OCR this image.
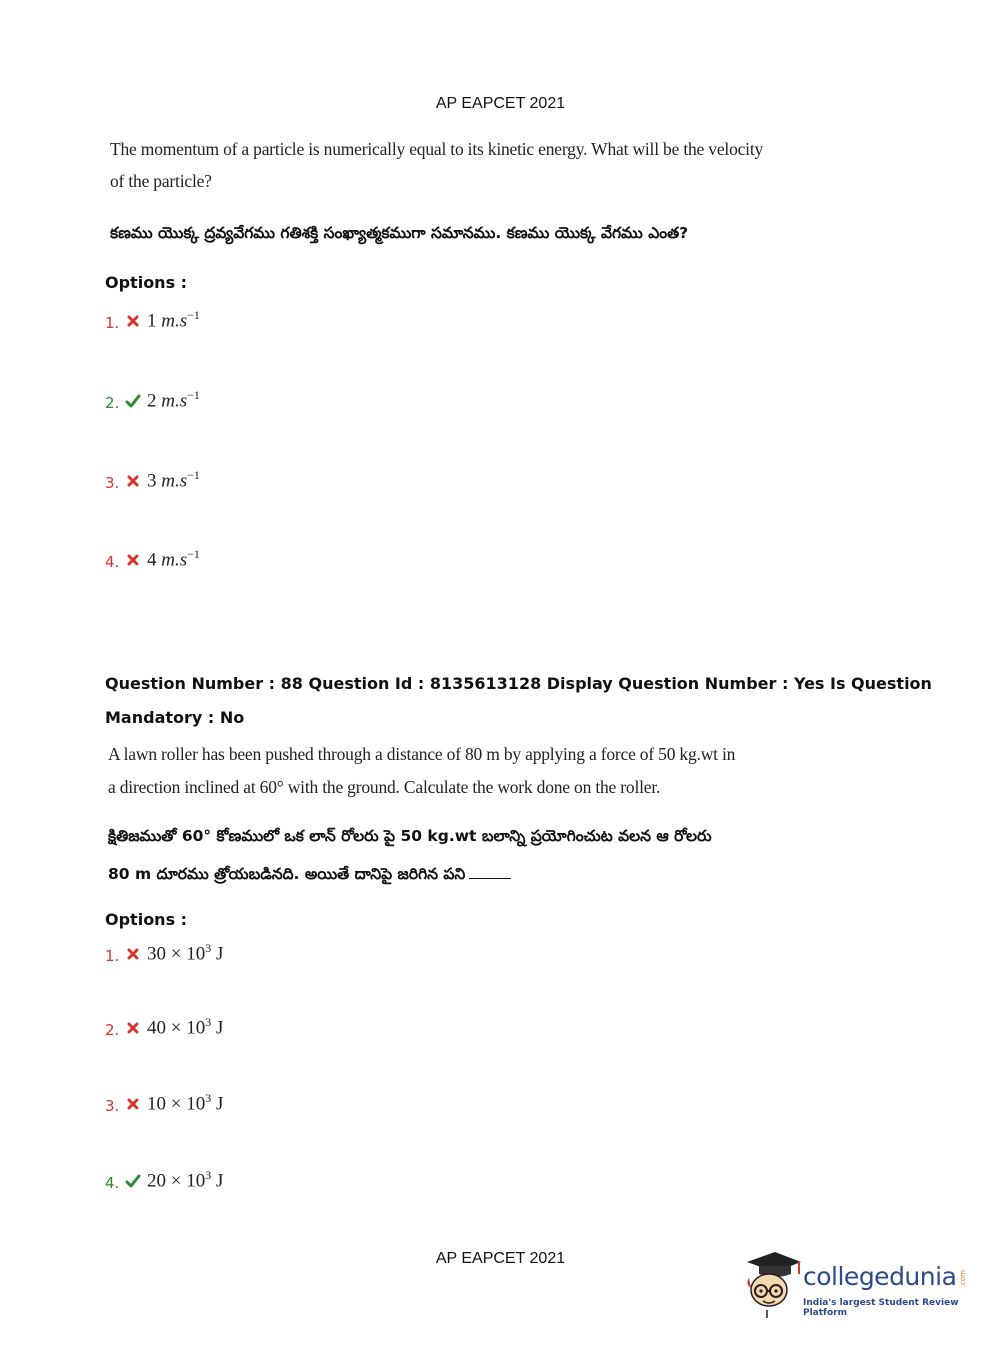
AP EAPCET 2021
The momentum of a particle is numerically equal to its kinetic energy. What will be the velocity
of the particle?
కణము యొక్క ద్రవ్యవేగము గతిశక్తి సంఖ్యాత్మకముగా సమానము. కణము యొక్క వేగము ఎంత?
Options :
1. 1 $m.s^{-1}$
2. 2 $m.s^{-1}$
3. 3 $m.s^{-1}$
4. 4 $m.s^{-1}$
Question Number : 88 Question Id : 8135613128 Display Question Number : Yes Is Question
Mandatory : No
A lawn roller has been pushed through a distance of 80 m by applying a force of 50 kg.wt in
a direction inclined at 60° with the ground. Calculate the work done on the roller.
క్షితిజముతో 60° కోణములో ఒక లాన్ రోలరు పై 50 kg.wt బలాన్ని ప్రయోగించుట వలన ఆ రోలరు
80 m దూరము త్రోయబడినది. అయితే దానిపై జరిగిన పని
Options :
1. $30 \times 10^3$ J
2. $40 \times 10^3$ J
3. $10 \times 10^3$ J
4. $20 \times 10^3$ J
AP EAPCET 2021
collegedunia
India's largest Student Review Platform
.com
